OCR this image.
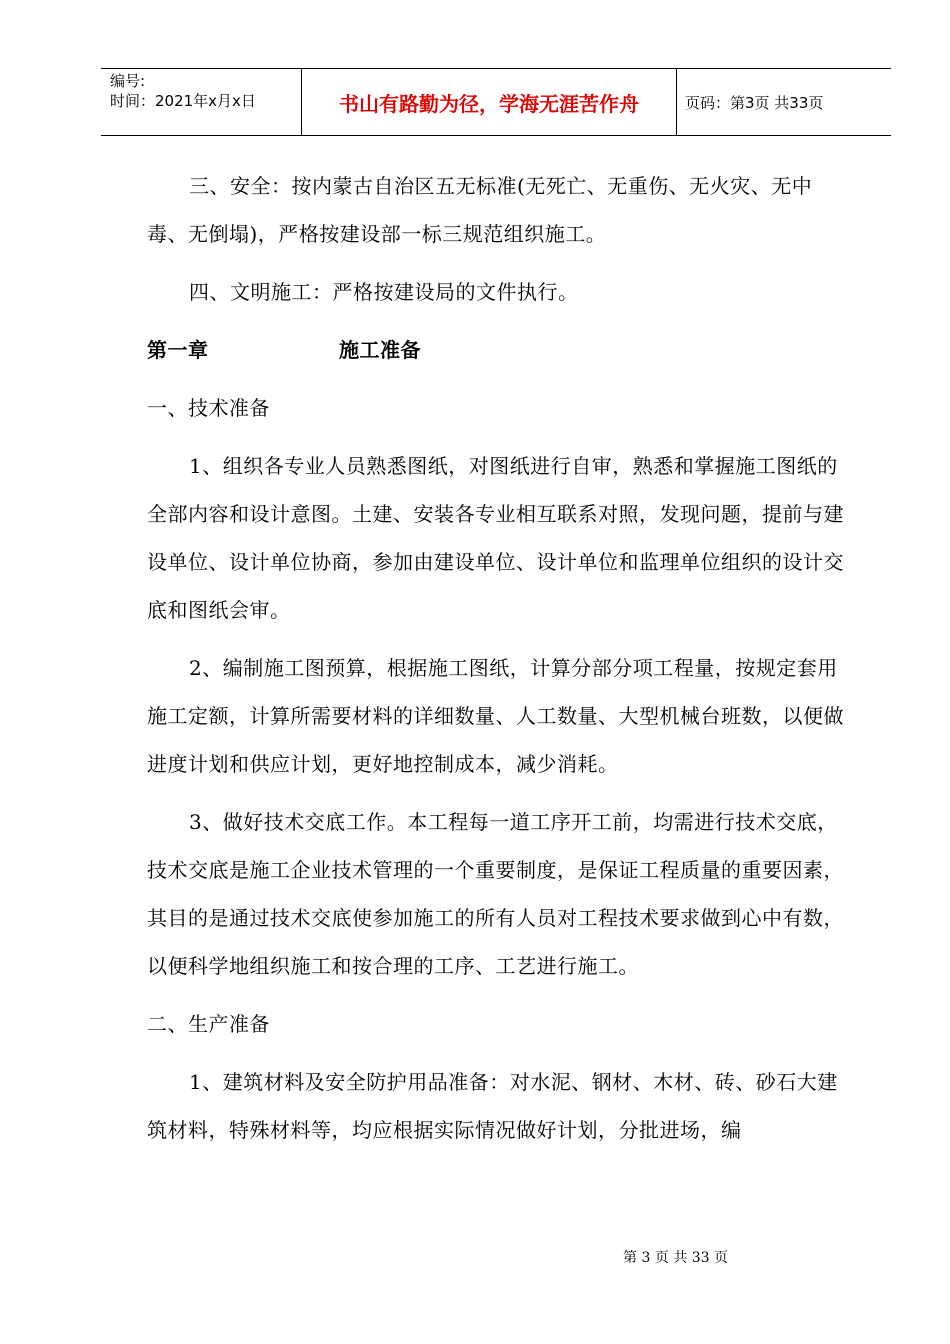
编号:
时间：2021年x月x日	书山有路勤为径，学海无涯苦作舟	页码：第3页 共33页

三、安全：按内蒙古自治区五无标准(无死亡、无重伤、无火灾、无中毒、无倒塌)，严格按建设部一标三规范组织施工。

四、文明施工：严格按建设局的文件执行。

第一章	施工准备

一、技术准备

1、组织各专业人员熟悉图纸，对图纸进行自审，熟悉和掌握施工图纸的全部内容和设计意图。土建、安装各专业相互联系对照，发现问题，提前与建设单位、设计单位协商，参加由建设单位、设计单位和监理单位组织的设计交底和图纸会审。

2、编制施工图预算，根据施工图纸，计算分部分项工程量，按规定套用施工定额，计算所需要材料的详细数量、人工数量、大型机械台班数，以便做进度计划和供应计划，更好地控制成本，减少消耗。

3、做好技术交底工作。本工程每一道工序开工前，均需进行技术交底，技术交底是施工企业技术管理的一个重要制度，是保证工程质量的重要因素，其目的是通过技术交底使参加施工的所有人员对工程技术要求做到心中有数，以便科学地组织施工和按合理的工序、工艺进行施工。

二、生产准备

1、建筑材料及安全防护用品准备：对水泥、钢材、木材、砖、砂石大建筑材料，特殊材料等，均应根据实际情况做好计划，分批进场，编

第 3 页 共 33 页
